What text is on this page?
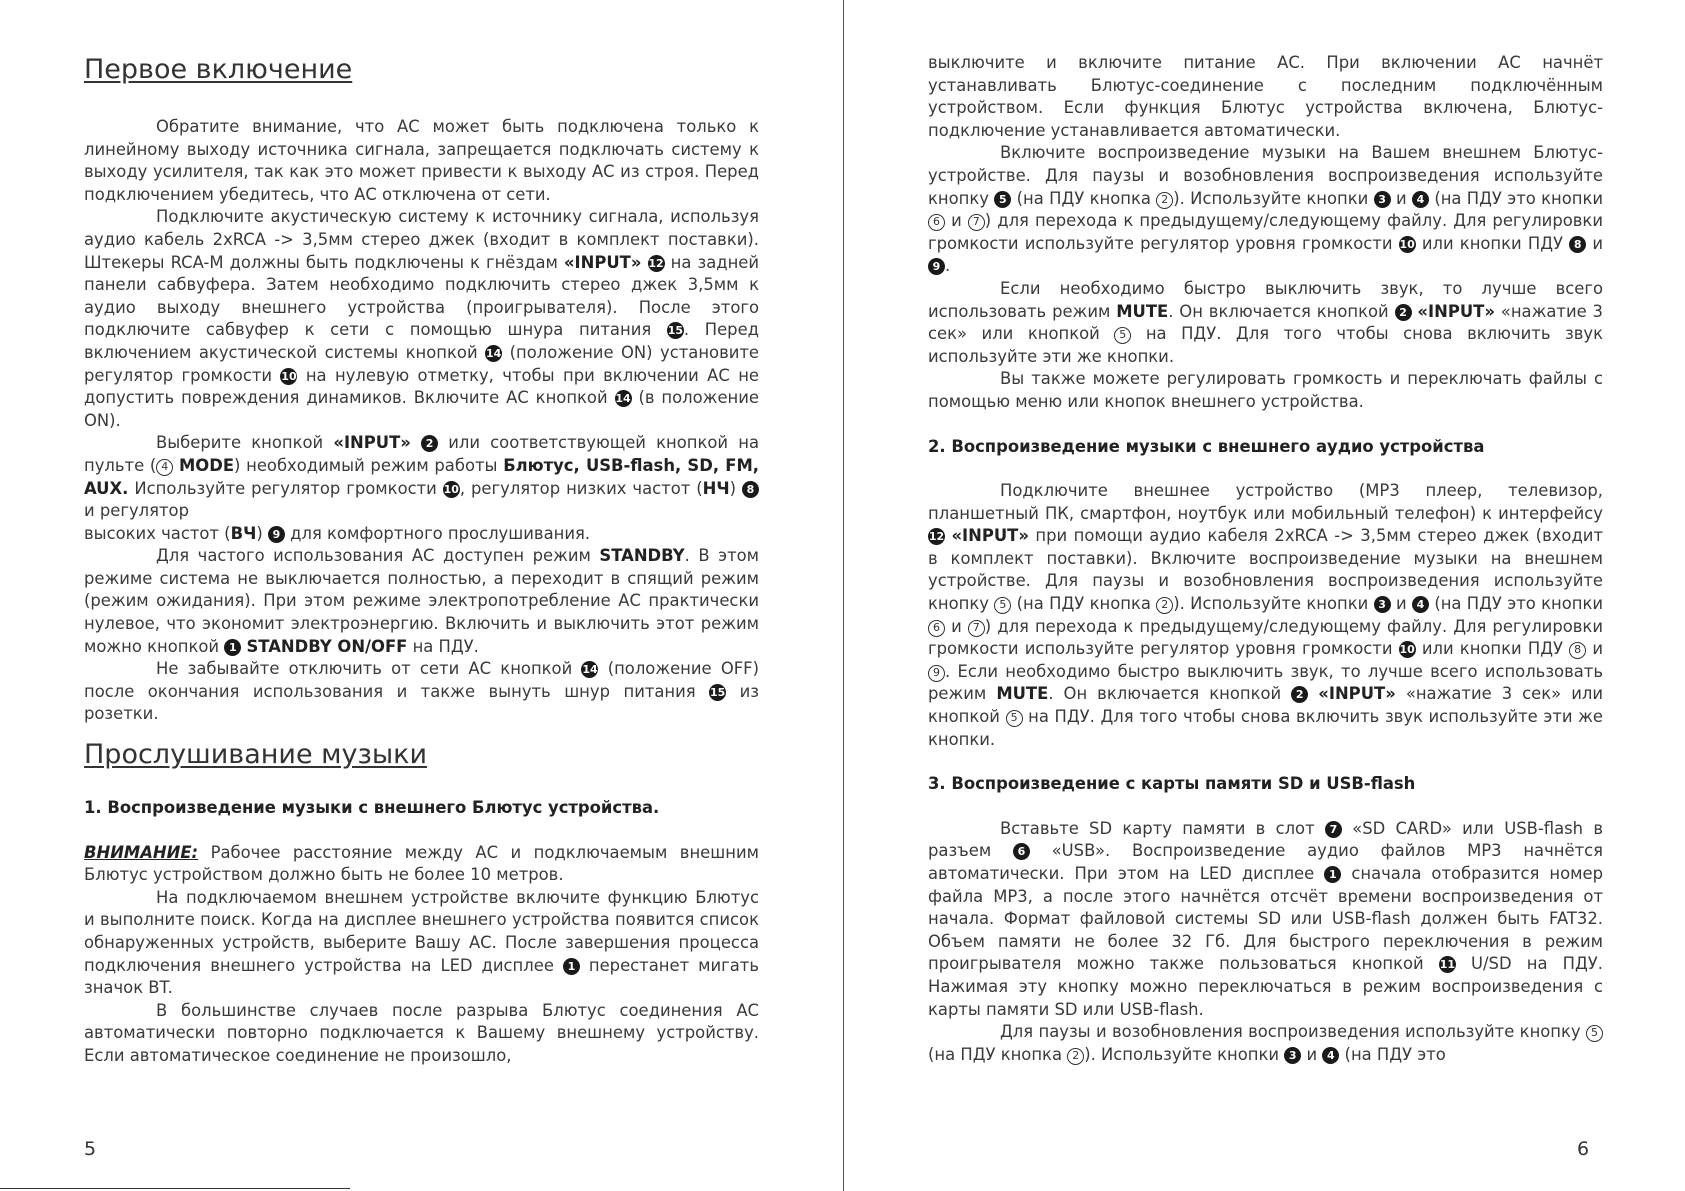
Первое включение

Обратите внимание, что АС может быть подключена только к линейному выходу источника сигнала, запрещается подключать систему к выходу усилителя, так как это может привести к выходу АС из строя. Перед подключением убедитесь, что АС отключена от сети.

Подключите акустическую систему к источнику сигнала, используя аудио кабель 2xRCA -> 3,5мм стерео джек (входит в комплект поставки). Штекеры RCA-M должны быть подключены к гнёздам «INPUT» 12 на задней панели сабвуфера. Затем необходимо подключить стерео джек 3,5мм к аудио выходу внешнего устройства (проигрывателя). После этого подключите сабвуфер к сети с помощью шнура питания 15. Перед включением акустической системы кнопкой 14 (положение ON) установите регулятор громкости 10 на нулевую отметку, чтобы при включении АС не допустить повреждения динамиков. Включите АС кнопкой 14 (в положение ON).

Выберите кнопкой «INPUT» 2 или соответствующей кнопкой на пульте ( 4 MODE) необходимый режим работы Блютус, USB-flash, SD, FM, AUX. Используйте регулятор громкости 10, регулятор низких частот (НЧ) 8 и регулятор

высоких частот (ВЧ) 9 для комфортного прослушивания.

Для частого использования АС доступен режим STANDBY. В этом режиме система не выключается полностью, а переходит в спящий режим (режим ожидания). При этом режиме электропотребление АС практически нулевое, что экономит электроэнергию. Включить и выключить этот режим можно кнопкой 1 STANDBY ON/OFF на ПДУ.

Не забывайте отключить от сети АС кнопкой 14 (положение OFF) после окончания использования и также вынуть шнур питания 15 из розетки.

Прослушивание музыки
1. Воспроизведение музыки с внешнего Блютус устройства.

ВНИМАНИЕ: Рабочее расстояние между АС и подключаемым внешним Блютус устройством должно быть не более 10 метров.

На подключаемом внешнем устройстве включите функцию Блютус и выполните поиск. Когда на дисплее внешнего устройства появится список обнаруженных устройств, выберите Вашу АС. После завершения процесса подключения внешнего устройства на LED дисплее 1 перестанет мигать значок BT.

В большинстве случаев после разрыва Блютус соединения АС автоматически повторно подключается к Вашему внешнему устройству. Если автоматическое соединение не произошло,

5

выключите и включите питание АС. При включении АС начнёт устанавливать Блютус-соединение с последним подключённым устройством. Если функция Блютус устройства включена, Блютус-подключение устанавливается автоматически.

Включите воспроизведение музыки на Вашем внешнем Блютус-устройстве. Для паузы и возобновления воспроизведения используйте кнопку 5 (на ПДУ кнопка 2 ). Используйте кнопки 3 и 4 (на ПДУ это кнопки 6 и 7 ) для перехода к предыдущему/следующему файлу. Для регулировки громкости используйте регулятор уровня громкости 10 или кнопки ПДУ 8 и 9 .

Если необходимо быстро выключить звук, то лучше всего использовать режим MUTE. Он включается кнопкой 2 «INPUT» «нажатие 3 сек» или кнопкой 5 на ПДУ. Для того чтобы снова включить звук используйте эти же кнопки.

Вы также можете регулировать громкость и переключать файлы с помощью меню или кнопок внешнего устройства.

2. Воспроизведение музыки с внешнего аудио устройства

Подключите внешнее устройство (MP3 плеер, телевизор, планшетный ПК, смартфон, ноутбук или мобильный телефон) к интерфейсу 12 «INPUT» при помощи аудио кабеля 2xRCA -> 3,5мм стерео джек (входит в комплект поставки). Включите воспроизведение музыки на внешнем устройстве. Для паузы и возобновления воспроизведения используйте кнопку 5 (на ПДУ кнопка 2 ). Используйте кнопки 3 и 4 (на ПДУ это кнопки 6 и 7 ) для перехода к предыдущему/следующему файлу. Для регулировки громкости используйте регулятор уровня громкости 10 или кнопки ПДУ 8 и 9 . Если необходимо быстро выключить звук, то лучше всего использовать режим MUTE. Он включается кнопкой 2 «INPUT» «нажатие 3 сек» или кнопкой 5 на ПДУ. Для того чтобы снова включить звук используйте эти же кнопки.

3. Воспроизведение с карты памяти SD и USB-flash

Вставьте SD карту памяти в слот 7 «SD CARD» или USB-flash в разъем 6 «USB». Воспроизведение аудио файлов MP3 начнётся автоматически. При этом на LED дисплее 1 сначала отобразится номер файла MP3, а после этого начнётся отсчёт времени воспроизведения от начала. Формат файловой системы SD или USB-flash должен быть FAT32. Объем памяти не более 32 Гб. Для быстрого переключения в режим проигрывателя можно также пользоваться кнопкой 11 U/SD на ПДУ. Нажимая эту кнопку можно переключаться в режим воспроизведения с карты памяти SD или USB-flash.

Для паузы и возобновления воспроизведения используйте кнопку 5 (на ПДУ кнопка 2 ). Используйте кнопки 3 и 4 (на ПДУ это

6
